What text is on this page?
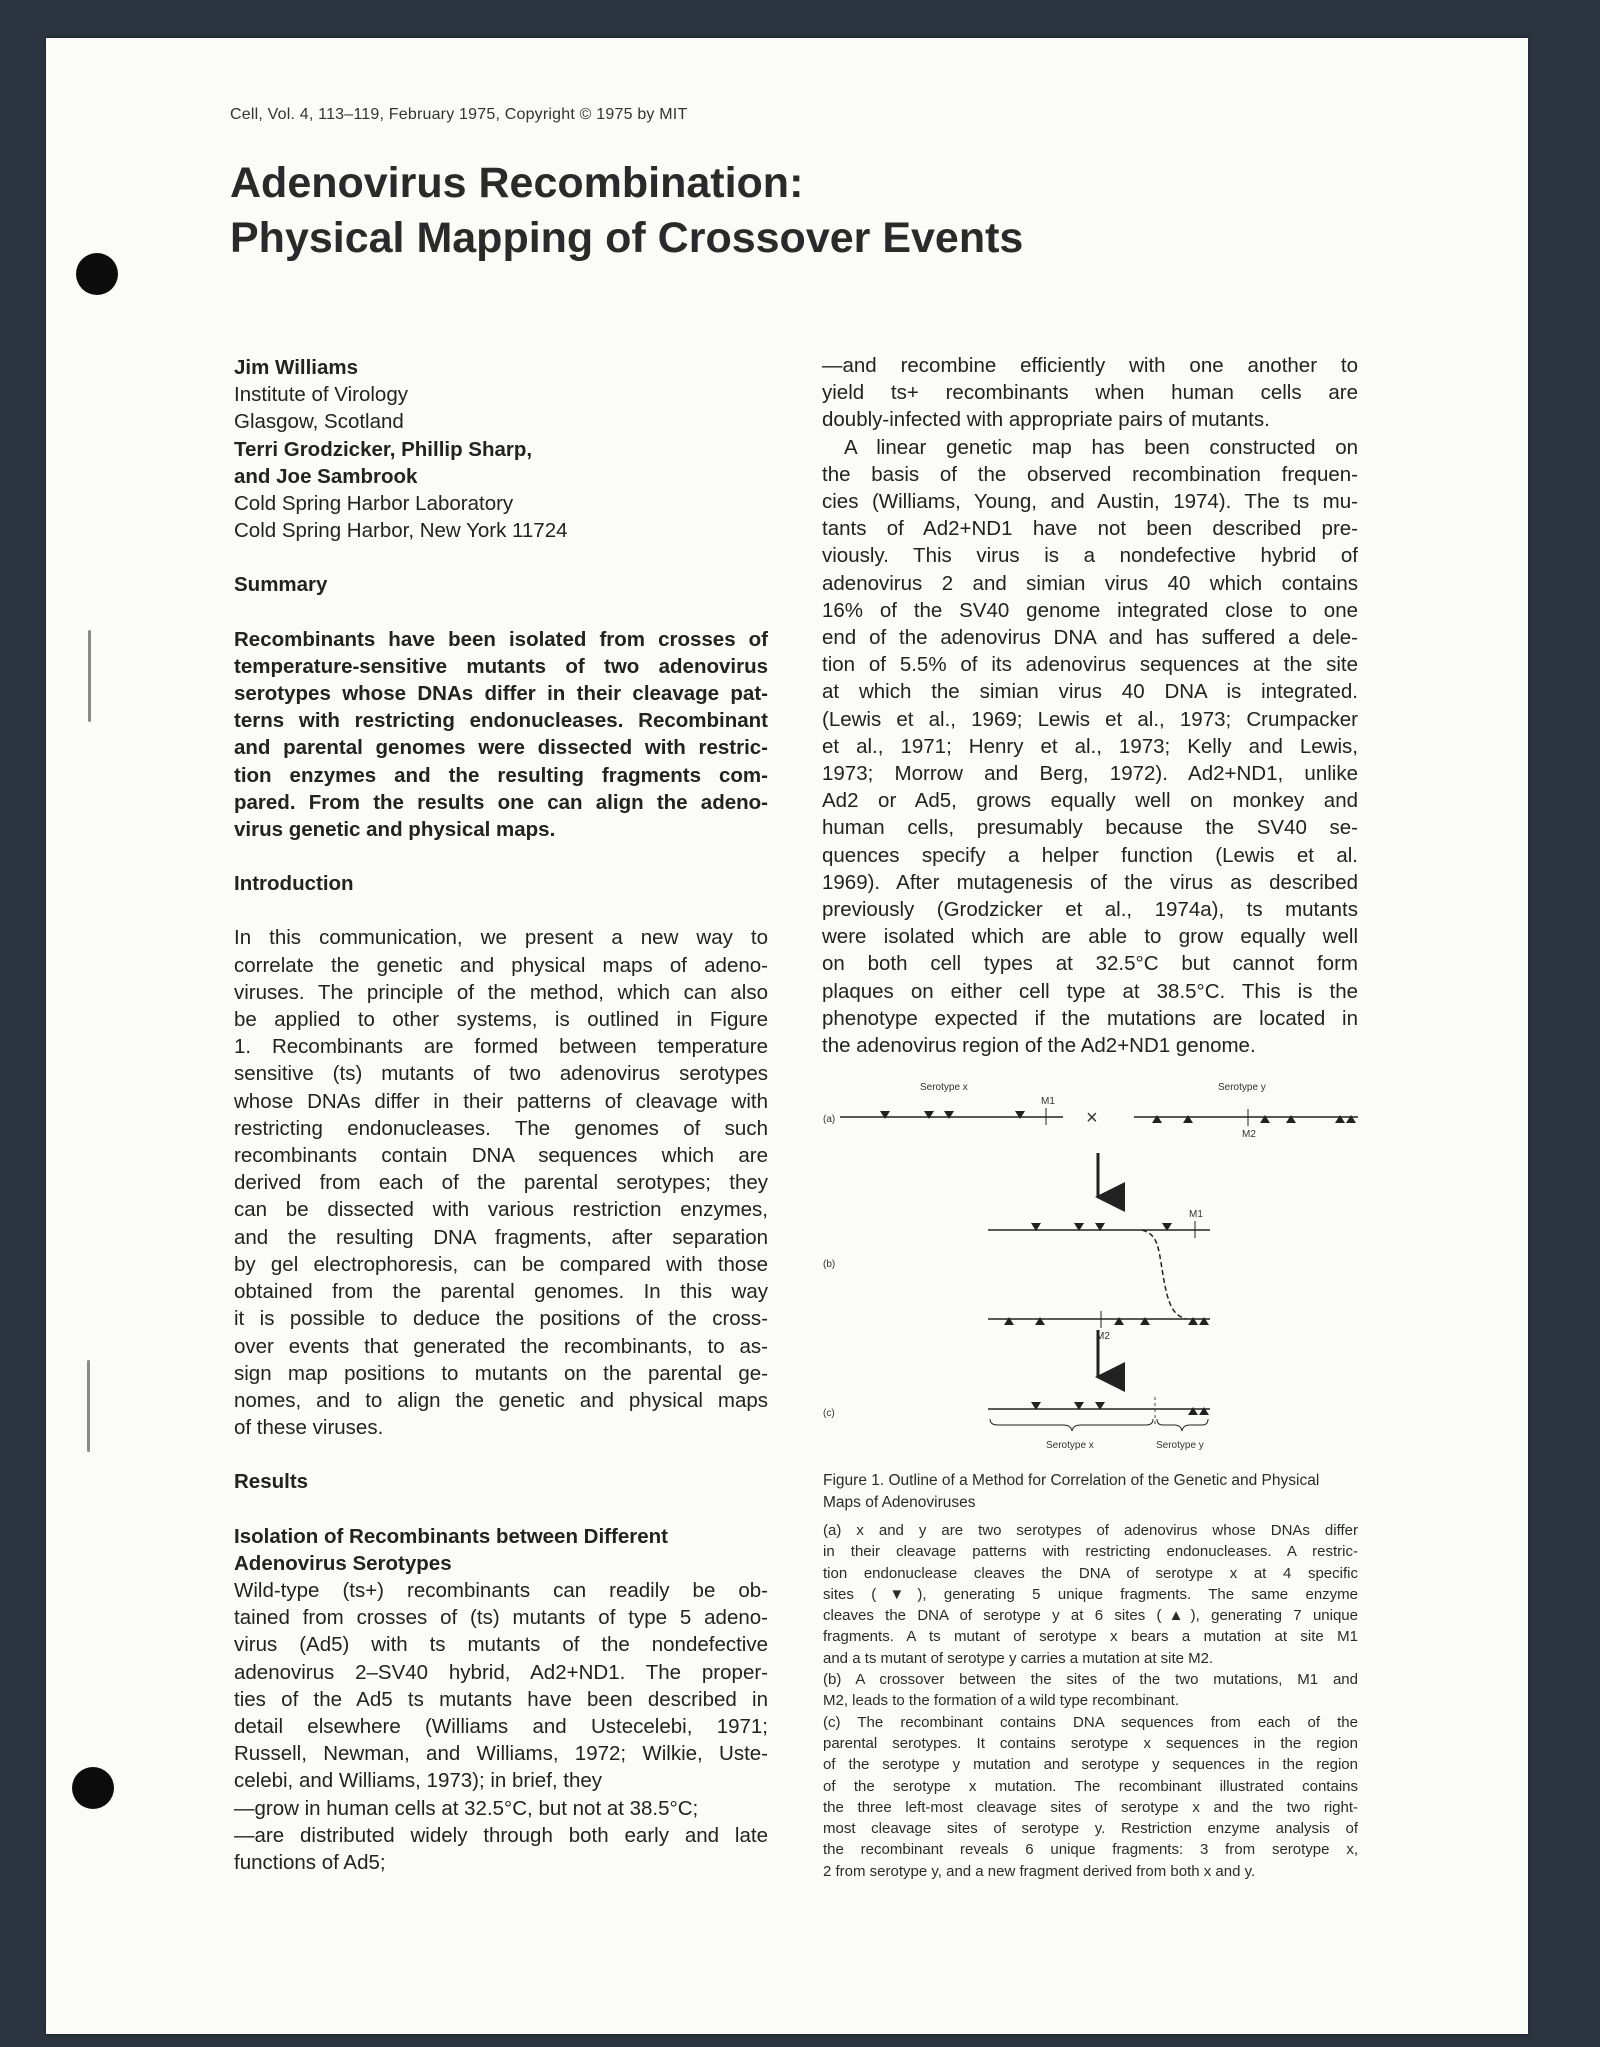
Cell, Vol. 4, 113–119, February 1975, Copyright © 1975 by MIT
Adenovirus Recombination:
Physical Mapping of Crossover Events
Jim Williams
Institute of Virology
Glasgow, Scotland
Terri Grodzicker, Phillip Sharp,
and Joe Sambrook
Cold Spring Harbor Laboratory
Cold Spring Harbor, New York 11724
Summary
Recombinants have been isolated from crosses of
temperature-sensitive mutants of two adenovirus
serotypes whose DNAs differ in their cleavage pat-
terns with restricting endonucleases. Recombinant
and parental genomes were dissected with restric-
tion enzymes and the resulting fragments com-
pared. From the results one can align the adeno-
virus genetic and physical maps.
Introduction
In this communication, we present a new way to
correlate the genetic and physical maps of adeno-
viruses. The principle of the method, which can also
be applied to other systems, is outlined in Figure
1. Recombinants are formed between temperature
sensitive (ts) mutants of two adenovirus serotypes
whose DNAs differ in their patterns of cleavage with
restricting endonucleases. The genomes of such
recombinants contain DNA sequences which are
derived from each of the parental serotypes; they
can be dissected with various restriction enzymes,
and the resulting DNA fragments, after separation
by gel electrophoresis, can be compared with those
obtained from the parental genomes. In this way
it is possible to deduce the positions of the cross-
over events that generated the recombinants, to as-
sign map positions to mutants on the parental ge-
nomes, and to align the genetic and physical maps
of these viruses.
Results
Isolation of Recombinants between Different
Adenovirus Serotypes
Wild-type (ts+) recombinants can readily be ob-
tained from crosses of (ts) mutants of type 5 adeno-
virus (Ad5) with ts mutants of the nondefective
adenovirus 2–SV40 hybrid, Ad2+ND1. The proper-
ties of the Ad5 ts mutants have been described in
detail elsewhere (Williams and Ustecelebi, 1971;
Russell, Newman, and Williams, 1972; Wilkie, Uste-
celebi, and Williams, 1973); in brief, they
—grow in human cells at 32.5°C, but not at 38.5°C;
—are distributed widely through both early and late
functions of Ad5;
—and recombine efficiently with one another to
yield ts+ recombinants when human cells are
doubly-infected with appropriate pairs of mutants.
A linear genetic map has been constructed on
the basis of the observed recombination frequen-
cies (Williams, Young, and Austin, 1974). The ts mu-
tants of Ad2+ND1 have not been described pre-
viously. This virus is a nondefective hybrid of
adenovirus 2 and simian virus 40 which contains
16% of the SV40 genome integrated close to one
end of the adenovirus DNA and has suffered a dele-
tion of 5.5% of its adenovirus sequences at the site
at which the simian virus 40 DNA is integrated.
(Lewis et al., 1969; Lewis et al., 1973; Crumpacker
et al., 1971; Henry et al., 1973; Kelly and Lewis,
1973; Morrow and Berg, 1972). Ad2+ND1, unlike
Ad2 or Ad5, grows equally well on monkey and
human cells, presumably because the SV40 se-
quences specify a helper function (Lewis et al.
1969). After mutagenesis of the virus as described
previously (Grodzicker et al., 1974a), ts mutants
were isolated which are able to grow equally well
on both cell types at 32.5°C but cannot form
plaques on either cell type at 38.5°C. This is the
phenotype expected if the mutations are located in
the adenovirus region of the Ad2+ND1 genome.
(a)
Serotype x	Serotype y
M1
×
M2
(b)
M1
M2
(c)
Serotype x	Serotype y
Figure 1. Outline of a Method for Correlation of the Genetic and Physical Maps of Adenoviruses
(a) x and y are two serotypes of adenovirus whose DNAs differ
in their cleavage patterns with restricting endonucleases. A restric-
tion endonuclease cleaves the DNA of serotype x at 4 specific
sites (▼), generating 5 unique fragments. The same enzyme
cleaves the DNA of serotype y at 6 sites (▲), generating 7 unique
fragments. A ts mutant of serotype x bears a mutation at site M1
and a ts mutant of serotype y carries a mutation at site M2.
(b) A crossover between the sites of the two mutations, M1 and
M2, leads to the formation of a wild type recombinant.
(c) The recombinant contains DNA sequences from each of the
parental serotypes. It contains serotype x sequences in the region
of the serotype y mutation and serotype y sequences in the region
of the serotype x mutation. The recombinant illustrated contains
the three left-most cleavage sites of serotype x and the two right-
most cleavage sites of serotype y. Restriction enzyme analysis of
the recombinant reveals 6 unique fragments: 3 from serotype x,
2 from serotype y, and a new fragment derived from both x and y.
